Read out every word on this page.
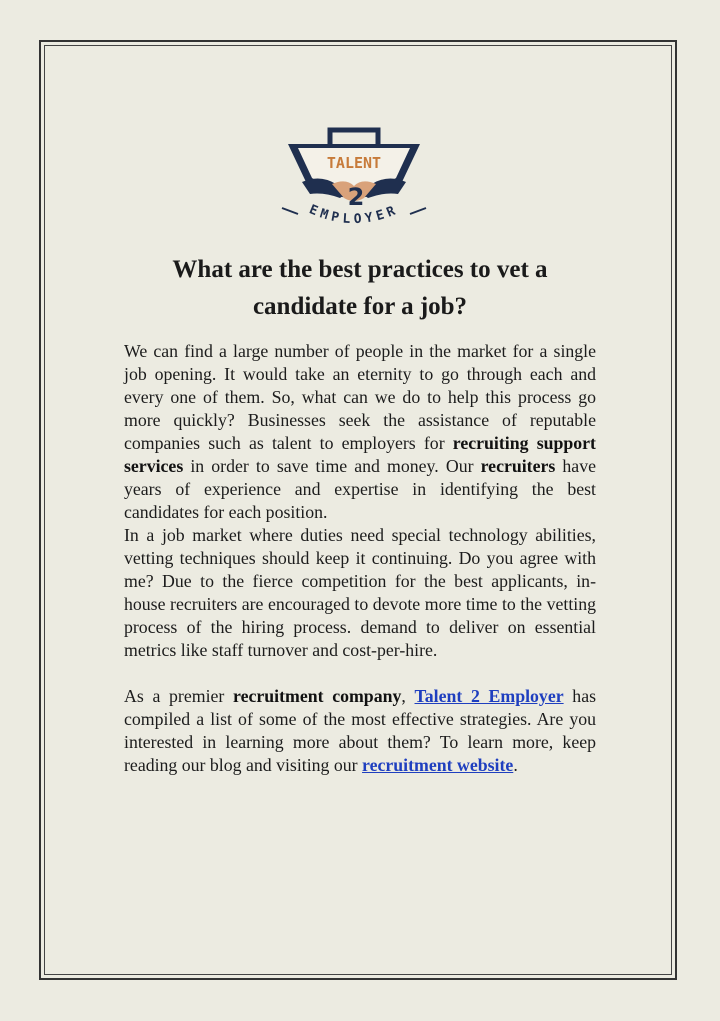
TALENT
2
EMPLOYER
What are the best practices to vet a candidate for a job?

We can find a large number of people in the market for a single job opening. It would take an eternity to go through each and every one of them. So, what can we do to help this process go more quickly? Businesses seek the assistance of reputable companies such as talent to employers for recruiting support services in order to save time and money. Our recruiters have years of experience and expertise in identifying the best candidates for each position.

In a job market where duties need special technology abilities, vetting techniques should keep it continuing. Do you agree with me? Due to the fierce competition for the best applicants, in-house recruiters are encouraged to devote more time to the vetting process of the hiring process. demand to deliver on essential metrics like staff turnover and cost-per-hire.

As a premier recruitment company, Talent 2 Employer has compiled a list of some of the most effective strategies. Are you interested in learning more about them? To learn more, keep reading our blog and visiting our recruitment website.
